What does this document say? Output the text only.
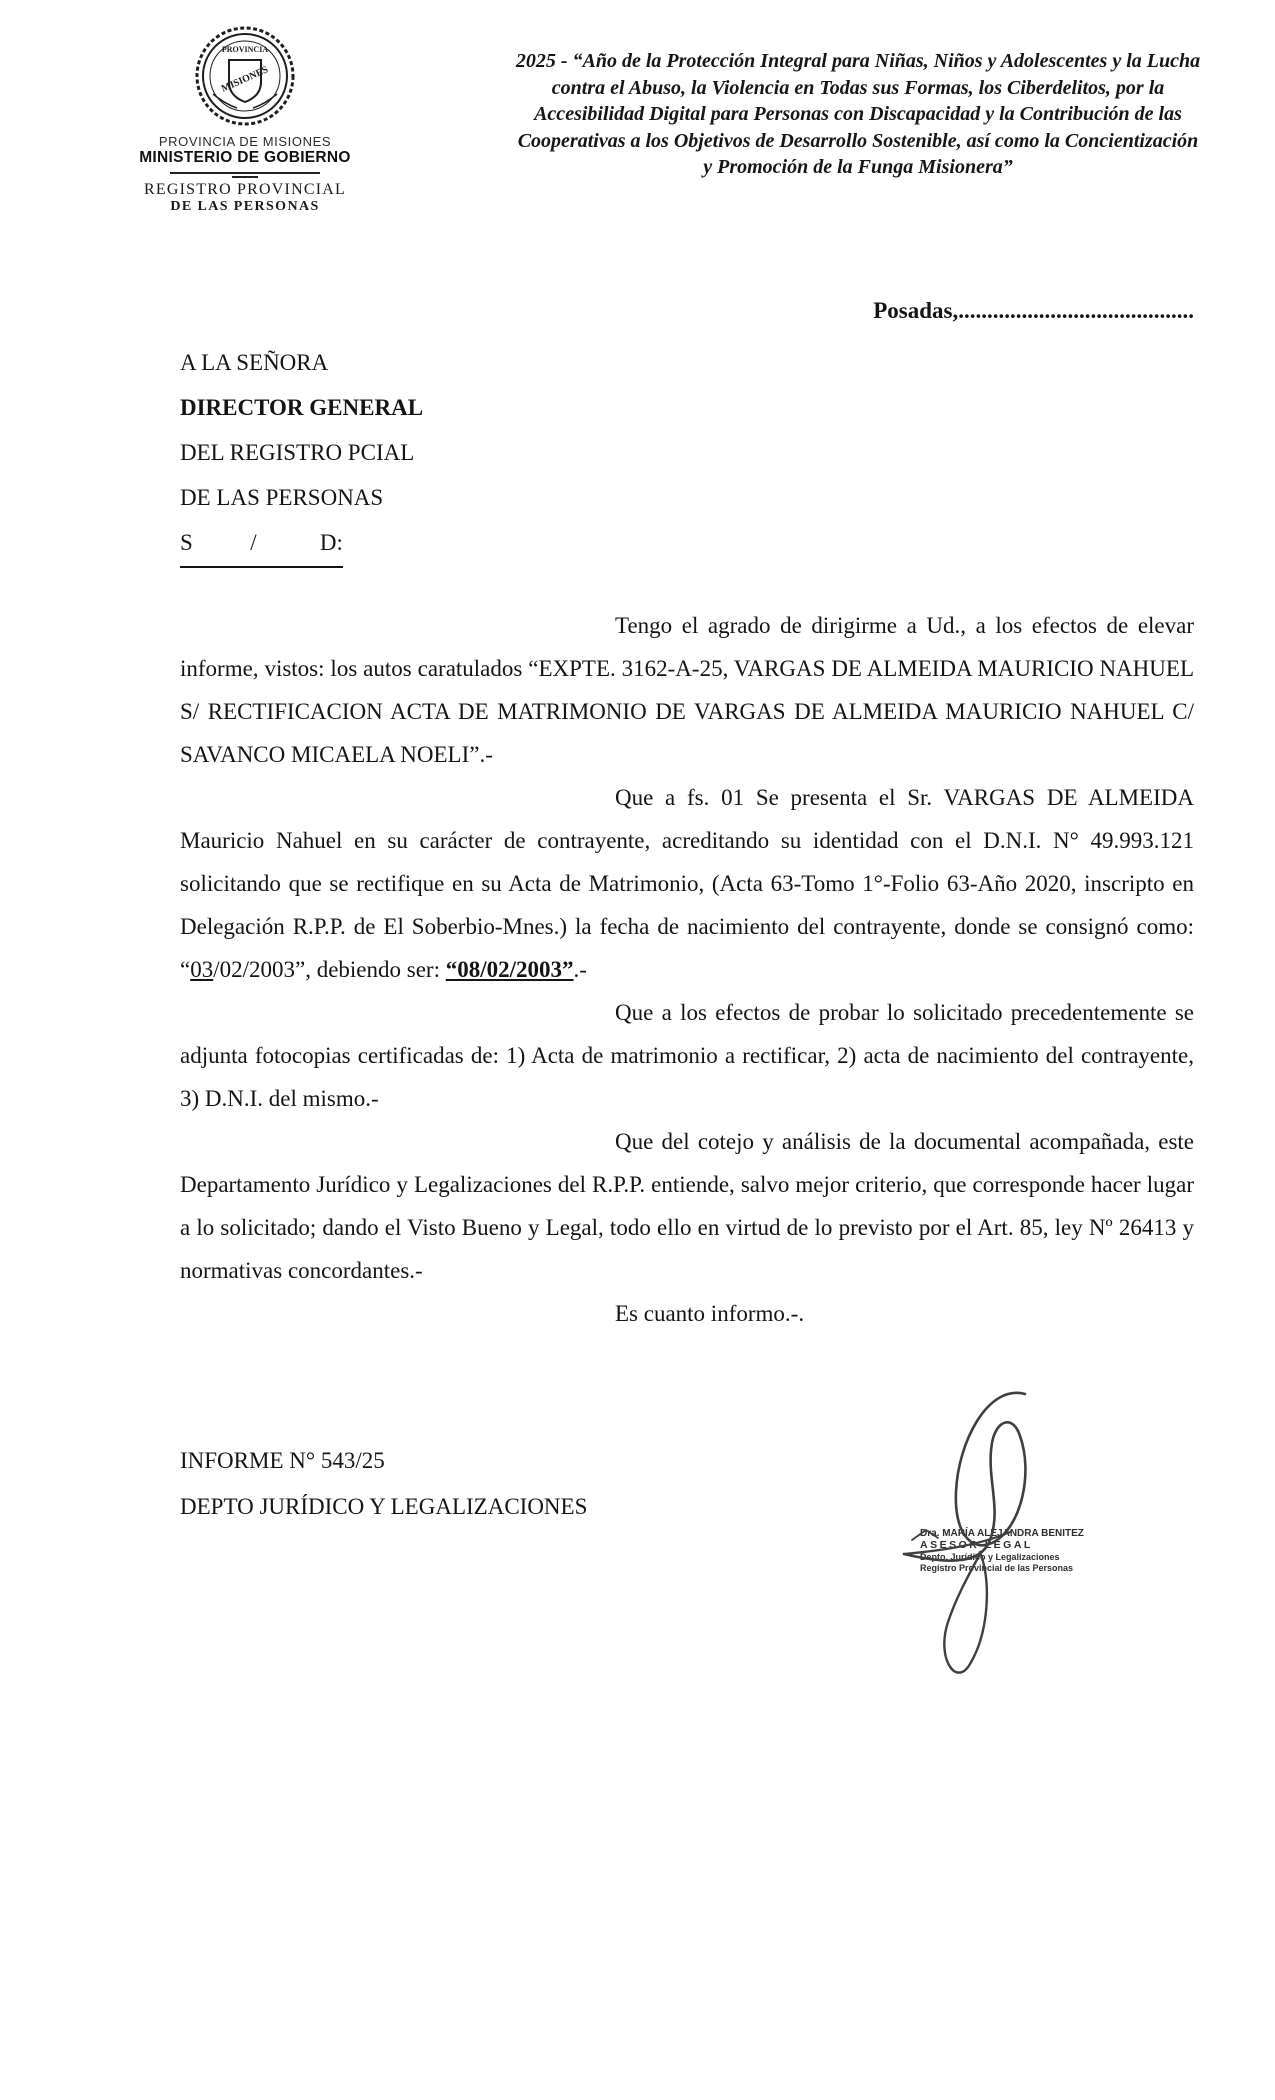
PROVINCIA
MISIONES
PROVINCIA DE MISIONES
MINISTERIO DE GOBIERNO
REGISTRO PROVINCIAL
DE LAS PERSONAS
2025 - “Año de la Protección Integral para Niñas, Niños y Adolescentes y la Lucha contra el Abuso, la Violencia en Todas sus Formas, los Ciberdelitos, por la Accesibilidad Digital para Personas con Discapacidad y la Contribución de las Cooperativas a los Objetivos de Desarrollo Sostenible, así como la Concientización y Promoción de la Funga Misionera”
Posadas,.........................................
A LA SEÑORA
DIRECTOR GENERAL
DEL REGISTRO PCIAL
DE LAS PERSONAS
S          /           D:

Tengo el agrado de dirigirme a Ud., a los efectos de elevar informe, vistos: los autos caratulados “EXPTE. 3162-A-25, VARGAS DE ALMEIDA MAURICIO NAHUEL S/ RECTIFICACION ACTA DE MATRIMONIO DE VARGAS DE ALMEIDA MAURICIO NAHUEL C/ SAVANCO MICAELA NOELI”.-

Que a fs. 01 Se presenta el Sr. VARGAS DE ALMEIDA Mauricio Nahuel en su carácter de contrayente, acreditando su identidad con el D.N.I. N° 49.993.121 solicitando que se rectifique en su Acta de Matrimonio, (Acta 63-Tomo 1°-Folio 63-Año 2020, inscripto en Delegación R.P.P. de El Soberbio-Mnes.) la fecha de nacimiento del contrayente, donde se consignó como: “03/02/2003”, debiendo ser: “08/02/2003”.-

Que a los efectos de probar lo solicitado precedentemente se adjunta fotocopias certificadas de: 1) Acta de matrimonio a rectificar, 2) acta de nacimiento del contrayente, 3) D.N.I. del mismo.-

Que del cotejo y análisis de la documental acompañada, este Departamento Jurídico y Legalizaciones del R.P.P. entiende, salvo mejor criterio, que corresponde hacer lugar a lo solicitado; dando el Visto Bueno y Legal, todo ello en virtud de lo previsto por el Art. 85, ley Nº 26413 y normativas concordantes.-

Es cuanto informo.-.

INFORME N° 543/25
DEPTO JURÍDICO Y LEGALIZACIONES
Dra. MARÍA ALEJANDRA BENITEZ
ASESOR LEGAL
Depto. Jurídico y Legalizaciones
Registro Provincial de las Personas
